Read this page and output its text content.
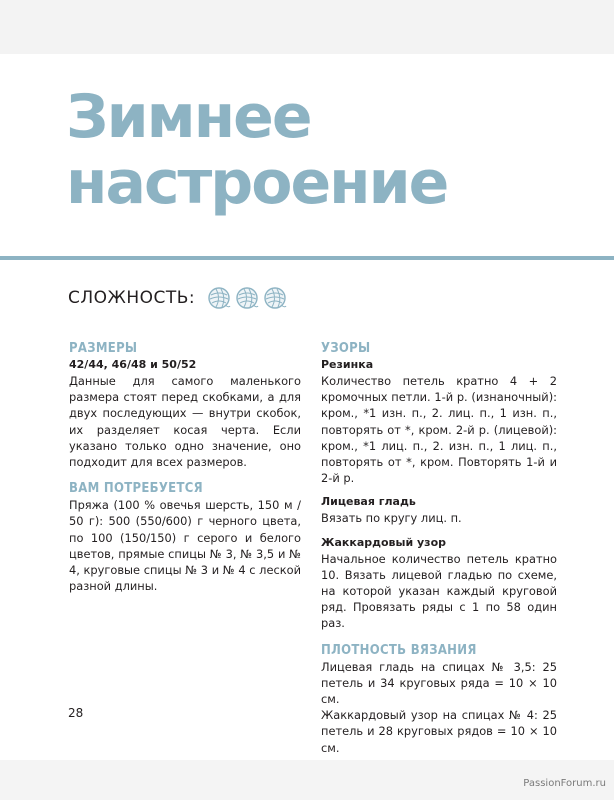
Зимнее
настроение
СЛОЖНОСТЬ:
РАЗМЕРЫ
42/44, 46/48 и 50/52

Данные для самого маленького размера стоят перед скобками, а для двух последующих — внутри скобок, их разделяет косая черта. Если указано только одно значение, оно подходит для всех размеров.

ВАМ ПОТРЕБУЕТСЯ

Пряжа (100 % овечья шерсть, 150 м / 50 г): 500 (550/600) г черного цвета, по 100 (150/150) г серого и белого цветов, прямые спицы № 3, № 3,5 и № 4, круговые спицы № 3 и № 4 с леской разной длины.

УЗОРЫ
Резинка

Количество петель кратно 4 + 2 кромочных петли. 1-й р. (изнаночный): кром., *1 изн. п., 2. лиц. п., 1 изн. п., повторять от *, кром. 2-й р. (лицевой): кром., *1 лиц. п., 2. изн. п., 1 лиц. п., повторять от *, кром. Повторять 1-й и 2-й р.

Лицевая гладь

Вязать по кругу лиц. п.

Жаккардовый узор

Начальное количество петель кратно 10. Вязать лицевой гладью по схеме, на которой указан каждый круговой ряд. Провязать ряды с 1 по 58 один раз.

ПЛОТНОСТЬ ВЯЗАНИЯ

Лицевая гладь на спицах № 3,5: 25 петель и 34 круговых ряда = 10 × 10 см.

Жаккардовый узор на спицах № 4: 25 петель и 28 круговых рядов = 10 × 10 см.

28
PassionForum.ru
